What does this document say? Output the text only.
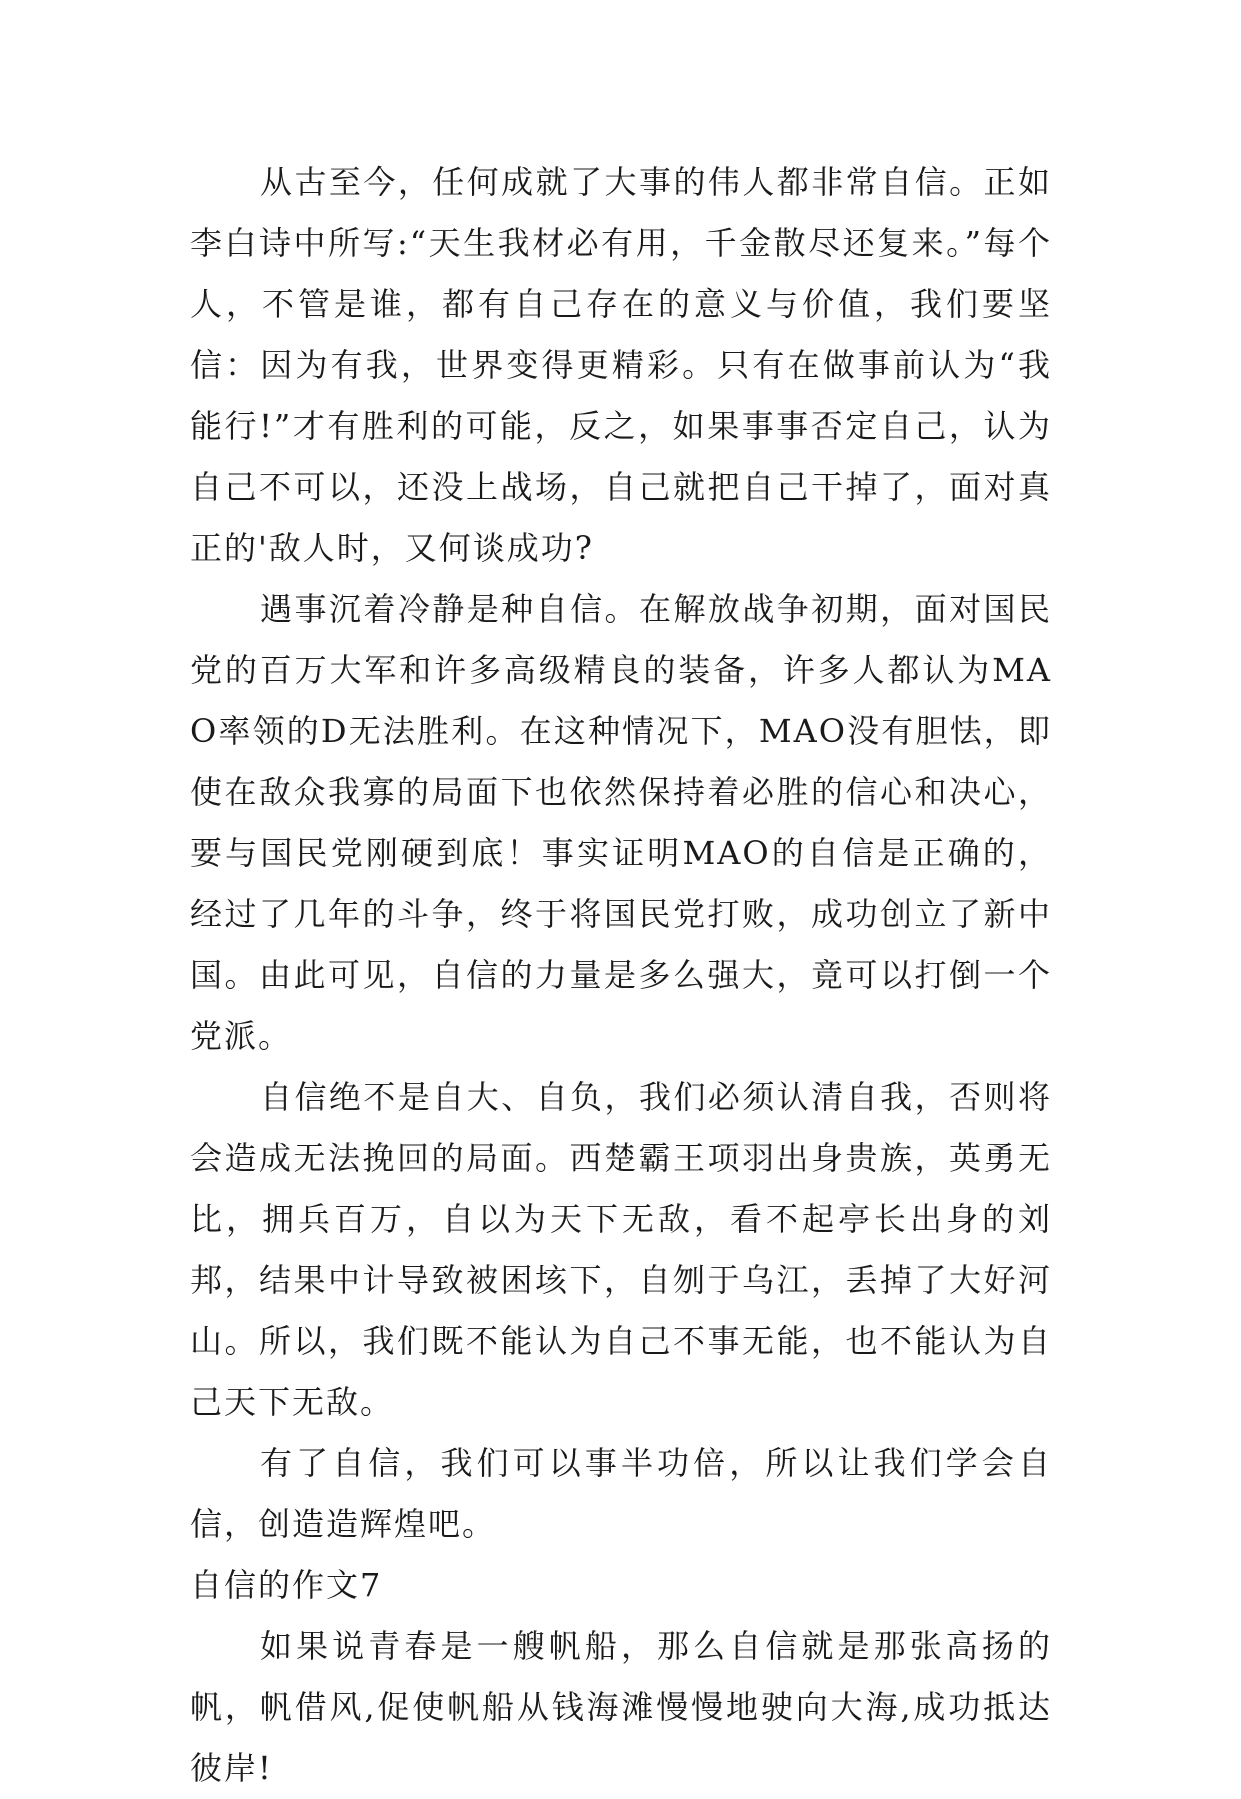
从古至今，任何成就了大事的伟人都非常自信。正如李白诗中所写:“天生我材必有用，千金散尽还复来。”每个人，不管是谁，都有自己存在的意义与价值，我们要坚信：因为有我，世界变得更精彩。只有在做事前认为“我能行!”才有胜利的可能，反之，如果事事否定自己，认为自己不可以，还没上战场，自己就把自己干掉了，面对真正的'敌人时，又何谈成功?

遇事沉着冷静是种自信。在解放战争初期，面对国民党的百万大军和许多高级精良的装备，许多人都认为MAO率领的D无法胜利。在这种情况下，MAO没有胆怯，即使在敌众我寡的局面下也依然保持着必胜的信心和决心，要与国民党刚硬到底！事实证明MAO的自信是正确的，经过了几年的斗争，终于将国民党打败，成功创立了新中国。由此可见，自信的力量是多么强大，竟可以打倒一个党派。

自信绝不是自大、自负，我们必须认清自我，否则将会造成无法挽回的局面。西楚霸王项羽出身贵族，英勇无比，拥兵百万，自以为天下无敌，看不起亭长出身的刘邦，结果中计导致被困垓下，自刎于乌江，丢掉了大好河山。所以，我们既不能认为自己不事无能，也不能认为自己天下无敌。

有了自信，我们可以事半功倍，所以让我们学会自信，创造造辉煌吧。

自信的作文7

如果说青春是一艘帆船，那么自信就是那张高扬的帆，帆借风,促使帆船从钱海滩慢慢地驶向大海,成功抵达彼岸!
